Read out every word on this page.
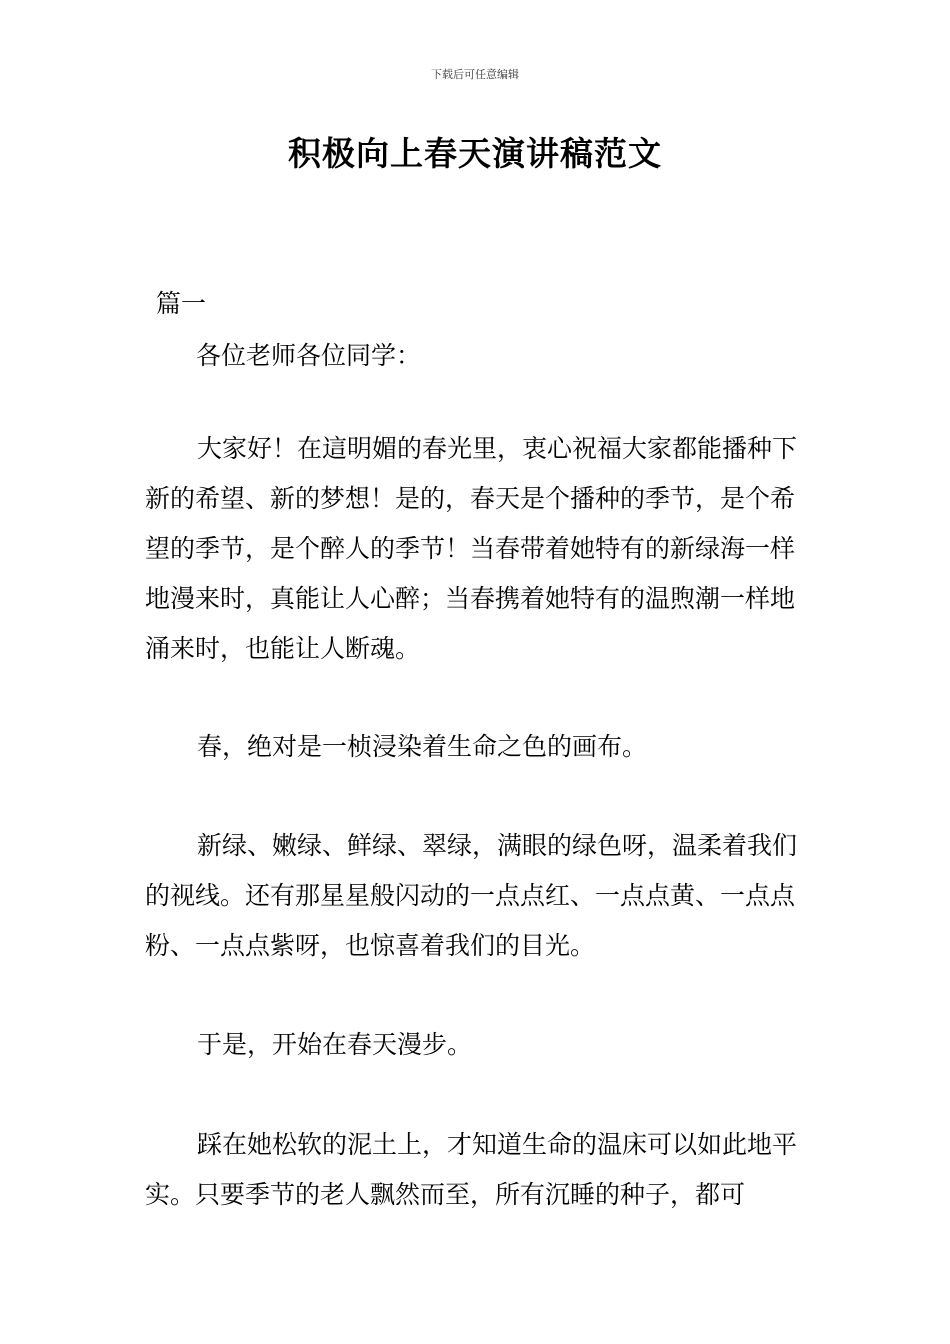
下载后可任意编辑
积极向上春天演讲稿范文
篇一
各位老师各位同学：

大家好！在這明媚的春光里，衷心祝福大家都能播种下新的希望、新的梦想！是的，春天是个播种的季节，是个希望的季节，是个醉人的季节！当春带着她特有的新绿海一样地漫来时，真能让人心醉；当春携着她特有的温煦潮一样地涌来时，也能让人断魂。

春，绝对是一桢浸染着生命之色的画布。

新绿、嫩绿、鲜绿、翠绿，满眼的绿色呀，温柔着我们的视线。还有那星星般闪动的一点点红、一点点黄、一点点粉、一点点紫呀，也惊喜着我们的目光。

于是，开始在春天漫步。

踩在她松软的泥土上，才知道生命的温床可以如此地平实。只要季节的老人飘然而至，所有沉睡的种子，都可
